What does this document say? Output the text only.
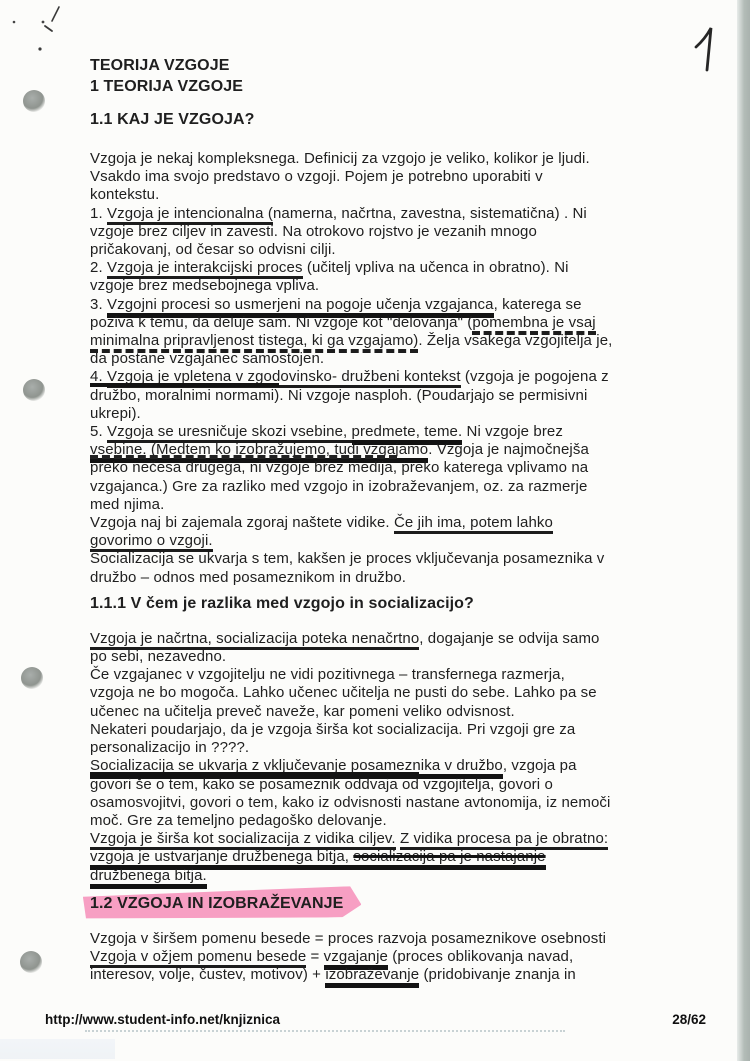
TEORIJA VZGOJE
1 TEORIJA VZGOJE
1.1 KAJ JE VZGOJA?
Vzgoja je nekaj kompleksnega. Definicij za vzgojo je veliko, kolikor je ljudi.
Vsakdo ima svojo predstavo o vzgoji. Pojem je potrebno uporabiti v
kontekstu.
1. Vzgoja je intencionalna (namerna, načrtna, zavestna, sistematična) . Ni
vzgoje brez ciljev in zavesti. Na otrokovo rojstvo je vezanih mnogo
pričakovanj, od česar so odvisni cilji.
2. Vzgoja je interakcijski proces (učitelj vpliva na učenca in obratno). Ni
vzgoje brez medsebojnega vpliva.
3. Vzgojni procesi so usmerjeni na pogoje učenja vzgajanca, katerega se
poziva k temu, da deluje sam. Ni vzgoje kot "delovanja" (pomembna je vsaj
minimalna pripravljenost tistega, ki ga vzgajamo). Želja vsakega vzgojitelja je,
da postane vzgajanec samostojen.
4. Vzgoja je vpletena v zgodovinsko- družbeni kontekst (vzgoja je pogojena z
družbo, moralnimi normami). Ni vzgoje nasploh. (Poudarjajo se permisivni
ukrepi).
5. Vzgoja se uresničuje skozi vsebine, predmete, teme. Ni vzgoje brez
vsebine. (Medtem ko izobražujemo, tudi vzgajamo. Vzgoja je najmočnejša
preko nečesa drugega, ni vzgoje brez medija, preko katerega vplivamo na
vzgajanca.) Gre za razliko med vzgojo in izobraževanjem, oz. za razmerje
med njima.
Vzgoja naj bi zajemala zgoraj naštete vidike. Če jih ima, potem lahko
govorimo o vzgoji.
Socializacija se ukvarja s tem, kakšen je proces vključevanja posameznika v
družbo – odnos med posameznikom in družbo.
1.1.1 V čem je razlika med vzgojo in socializacijo?
Vzgoja je načrtna, socializacija poteka nenačrtno, dogajanje se odvija samo
po sebi, nezavedno.
Če vzgajanec v vzgojitelju ne vidi pozitivnega – transfernega razmerja,
vzgoja ne bo mogoča. Lahko učenec učitelja ne pusti do sebe. Lahko pa se
učenec na učitelja preveč naveže, kar pomeni veliko odvisnost.
Nekateri poudarjajo, da je vzgoja širša kot socializacija. Pri vzgoji gre za
personalizacijo in ????.
Socializacija se ukvarja z vključevanje posameznika v družbo, vzgoja pa
govori še o tem, kako se posameznik oddvaja od vzgojitelja, govori o
osamosvojitvi, govori o tem, kako iz odvisnosti nastane avtonomija, iz nemoči
moč. Gre za temeljno pedagoško delovanje.
Vzgoja je širša kot socializacija z vidika ciljev. Z vidika procesa pa je obratno:
vzgoja je ustvarjanje družbenega bitja, socializacija pa je nastajanje
družbenega bitja.
1.2 VZGOJA IN IZOBRAŽEVANJE
Vzgoja v širšem pomenu besede = proces razvoja posameznikove osebnosti
Vzgoja v ožjem pomenu besede = vzgajanje (proces oblikovanja navad,
interesov, volje, čustev, motivov) + izobraževanje (pridobivanje znanja in
http://www.student-info.net/knjiznica	28/62
